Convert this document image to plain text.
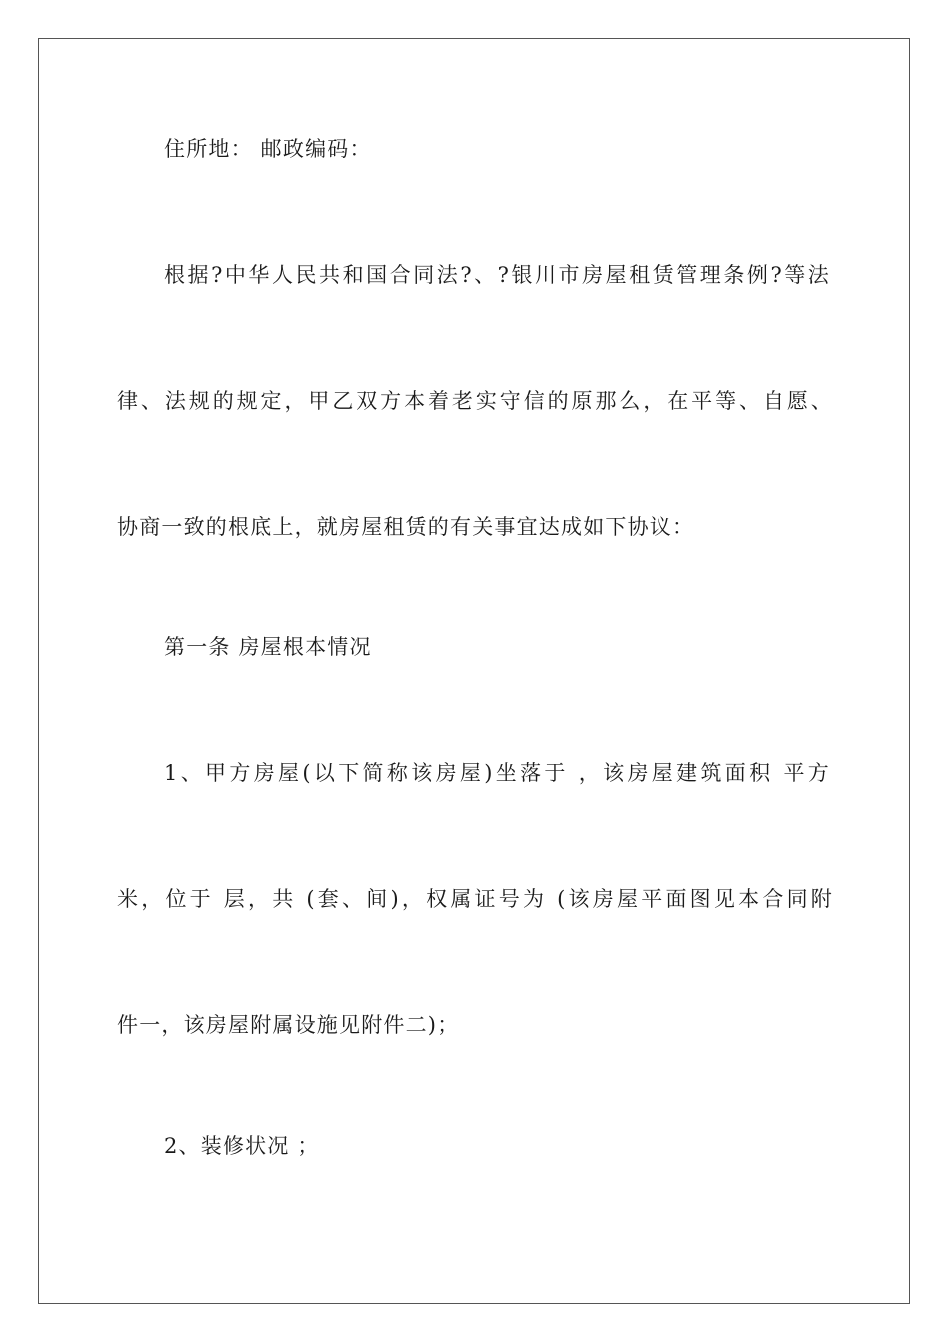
住所地： 邮政编码：
根据?中华人民共和国合同法?、?银川市房屋租赁管理条例?等法
律、法规的规定，甲乙双方本着老实守信的原那么，在平等、自愿、
协商一致的根底上，就房屋租赁的有关事宜达成如下协议：
第一条 房屋根本情况
1、甲方房屋(以下简称该房屋)坐落于 ，该房屋建筑面积 平方
米，位于 层，共 (套、间)，权属证号为 (该房屋平面图见本合同附
件一，该房屋附属设施见附件二)；
2、装修状况 ；
